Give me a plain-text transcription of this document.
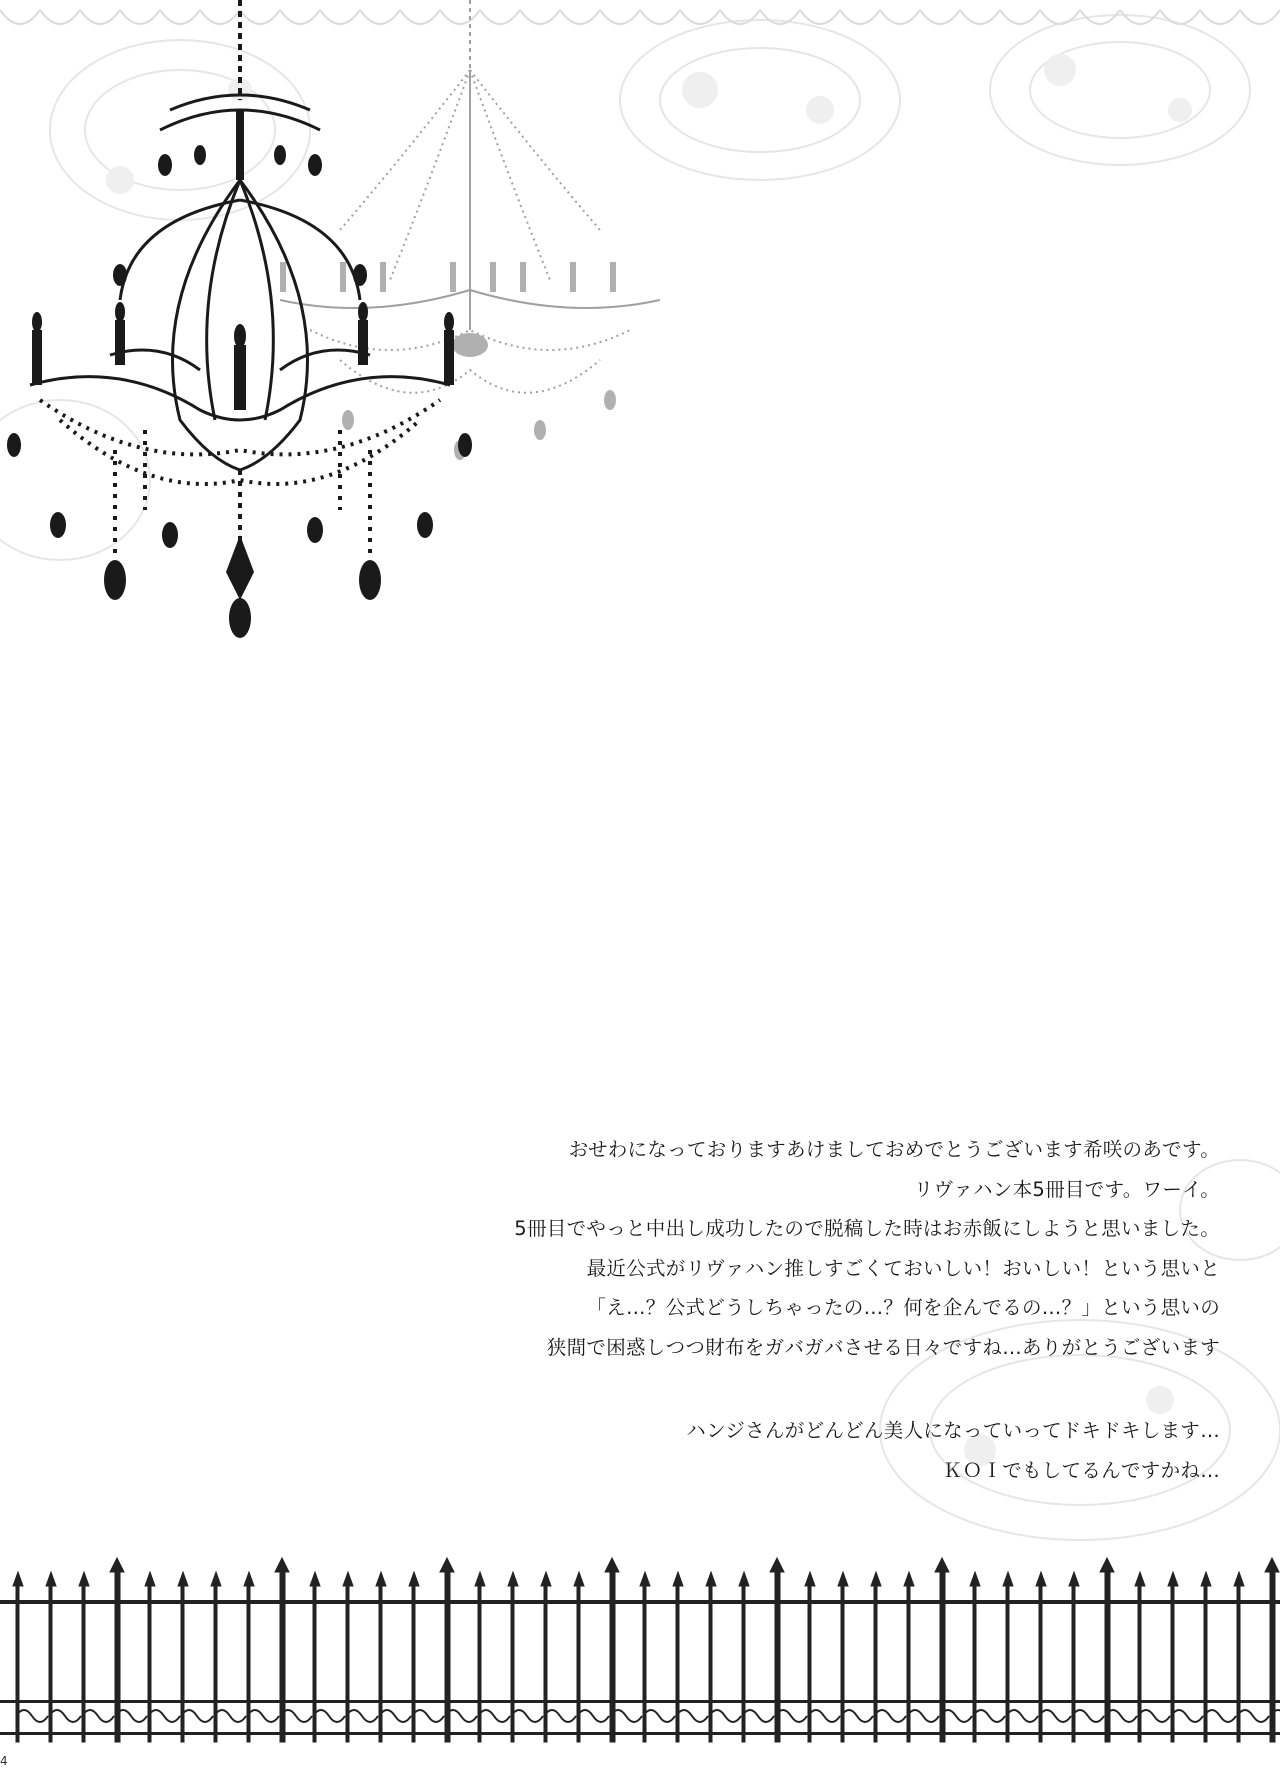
おせわになっておりますあけましておめでとうございます希咲のあです。

リヴァハン本5冊目です。ワーイ。

5冊目でやっと中出し成功したので脱稿した時はお赤飯にしようと思いました。

最近公式がリヴァハン推しすごくておいしい！おいしい！という思いと

「え…？公式どうしちゃったの…？何を企んでるの…？」という思いの

狭間で困惑しつつ財布をガバガバさせる日々ですね…ありがとうございます

ハンジさんがどんどん美人になっていってドキドキします…

ＫＯＩでもしてるんですかね…

4
